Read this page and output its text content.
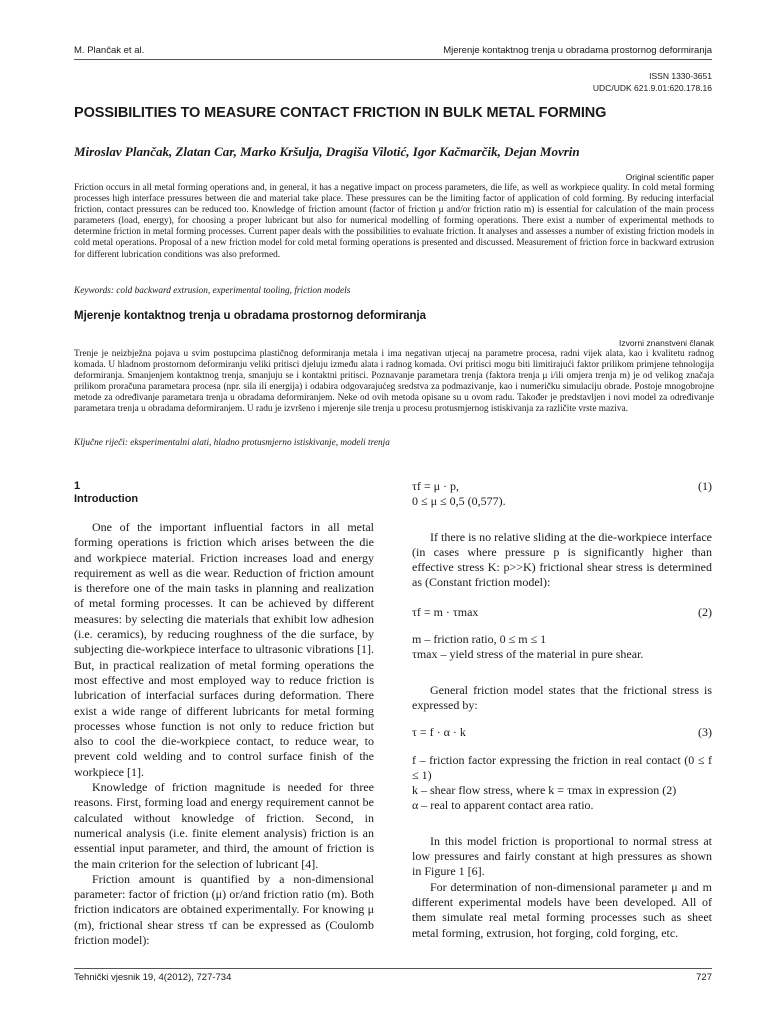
M. Plančak et al.	Mjerenje kontaktnog trenja u obradama prostornog deformiranja
ISSN 1330-3651
UDC/UDK 621.9.01:620.178.16
POSSIBILITIES TO MEASURE CONTACT FRICTION IN BULK METAL FORMING
Miroslav Plančak, Zlatan Car, Marko Kršulja, Dragiša Vilotić, Igor Kačmarčik, Dejan Movrin
Original scientific paper
Friction occurs in all metal forming operations and, in general, it has a negative impact on process parameters, die life, as well as workpiece quality. In cold metal forming processes high interface pressures between die and material take place. These pressures can be the limiting factor of application of cold forming. By reducing interfacial friction, contact pressures can be reduced too. Knowledge of friction amount (factor of friction μ and/or friction ratio m) is essential for calculation of the main process parameters (load, energy), for choosing a proper lubricant but also for numerical modelling of forming operations. There exist a number of experimental methods to determine friction in metal forming processes. Current paper deals with the possibilities to evaluate friction. It analyses and assesses a number of existing friction models in cold metal operations. Proposal of a new friction model for cold metal forming operations is presented and discussed. Measurement of friction force in backward extrusion for different lubrication conditions was also preformed.
Keywords: cold backward extrusion, experimental tooling, friction models
Mjerenje kontaktnog trenja u obradama prostornog deformiranja
Izvorni znanstveni članak
Trenje je neizbježna pojava u svim postupcima plastičnog deformiranja metala i ima negativan utjecaj na parametre procesa, radni vijek alata, kao i kvalitetu radnog komada. U hladnom prostornom deformiranju veliki pritisci djeluju između alata i radnog komada. Ovi pritisci mogu biti limitirajući faktor prilikom primjene tehnologija deformiranja. Smanjenjem kontaktnog trenja, smanjuju se i kontaktni pritisci. Poznavanje parametara trenja (faktora trenja μ i/ili omjera trenja m) je od velikog značaja prilikom proračuna parametara procesa (npr. sila ili energija) i odabira odgovarajućeg sredstva za podmazivanje, kao i numeričku simulaciju obrade. Postoje mnogobrojne metode za određivanje parametara trenja u obradama deformiranjem. Neke od ovih metoda opisane su u ovom radu. Također je predstavljen i novi model za određivanje parametara trenja u obradama deformiranjem. U radu je izvršeno i mjerenje sile trenja u procesu protusmjernog istiskivanja za različite vrste maziva.
Ključne riječi: eksperimentalni alati, hladno protusmjerno istiskivanje, modeli trenja
1
Introduction

One of the important influential factors in all metal forming operations is friction which arises between the die and workpiece material. Friction increases load and energy requirement as well as die wear. Reduction of friction amount is therefore one of the main tasks in planning and realization of metal forming processes. It can be achieved by different measures: by selecting die materials that exhibit low adhesion (i.e. ceramics), by reducing roughness of the die surface, by subjecting die-workpiece interface to ultrasonic vibrations [1]. But, in practical realization of metal forming operations the most effective and most employed way to reduce friction is lubrication of interfacial surfaces during deformation. There exist a wide range of different lubricants for metal forming processes whose function is not only to reduce friction but also to cool the die-workpiece contact, to reduce wear, to prevent cold welding and to control surface finish of the workpiece [1].

Knowledge of friction magnitude is needed for three reasons. First, forming load and energy requirement cannot be calculated without knowledge of friction. Second, in numerical analysis (i.e. finite element analysis) friction is an essential input parameter, and third, the amount of friction is the main criterion for the selection of lubricant [4].

Friction amount is quantified by a non-dimensional parameter: factor of friction (μ) or/and friction ratio (m). Both friction indicators are obtained experimentally. For knowing μ (m), frictional shear stress τf can be expressed as (Coulomb friction model):

τf = μ · p,	(1)
0 ≤ μ ≤ 0,5 (0,577).

If there is no relative sliding at the die-workpiece interface (in cases where pressure p is significantly higher than effective stress K: p>>K) frictional shear stress is determined as (Constant friction model):

τf = m · τmax	(2)
m – friction ratio, 0 ≤ m ≤ 1
τmax – yield stress of the material in pure shear.

General friction model states that the frictional stress is expressed by:

τ = f · α · k	(3)
f – friction factor expressing the friction in real contact (0 ≤ f ≤ 1)
k – shear flow stress, where k = τmax in expression (2)
α – real to apparent contact area ratio.

In this model friction is proportional to normal stress at low pressures and fairly constant at high pressures as shown in Figure 1 [6].

For determination of non-dimensional parameter μ and m different experimental models have been developed. All of them simulate real metal forming processes such as sheet metal forming, extrusion, hot forging, cold forging, etc.

Tehnički vjesnik 19, 4(2012), 727-734	727
